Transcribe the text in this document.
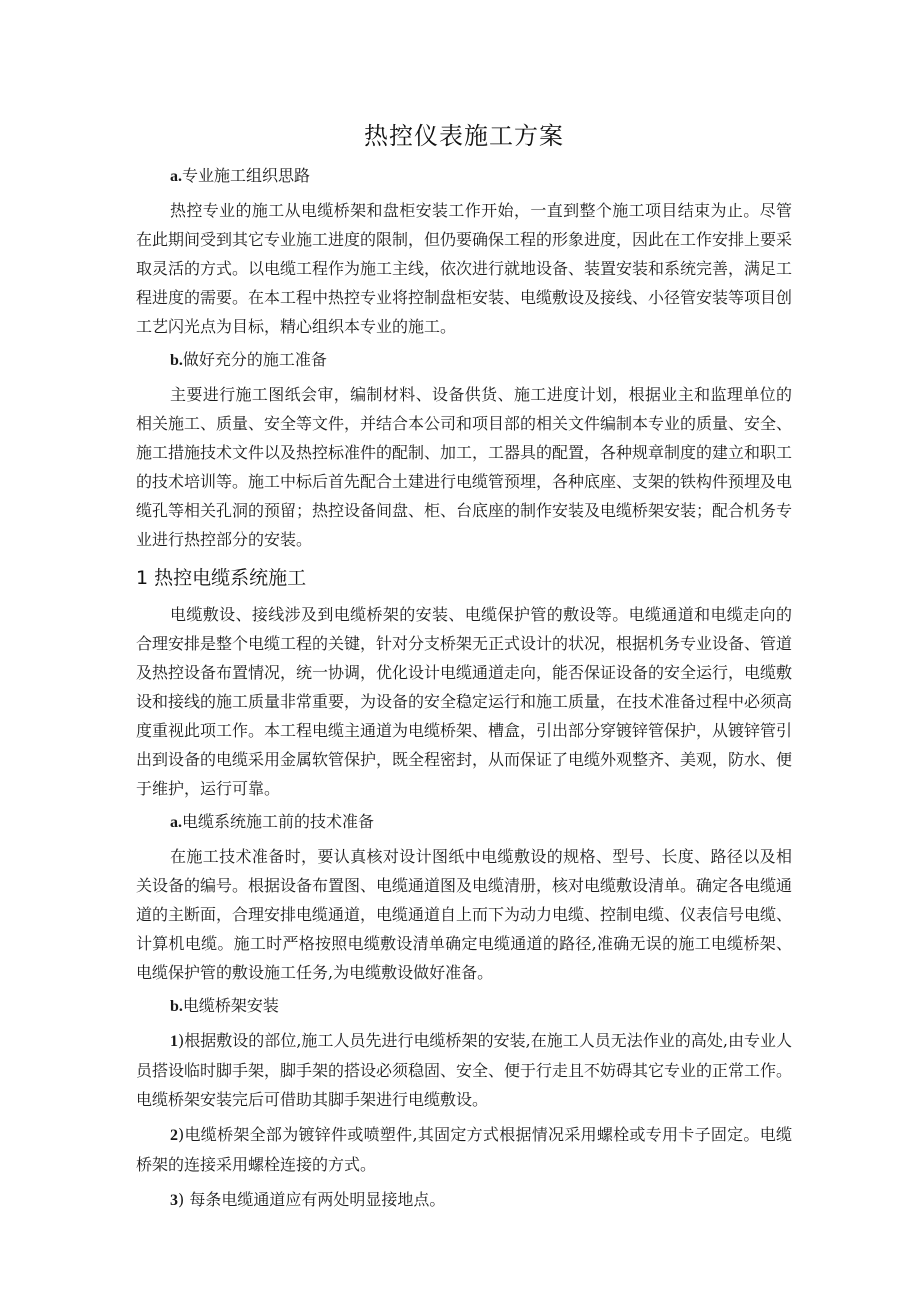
热控仪表施工方案
a.专业施工组织思路

热控专业的施工从电缆桥架和盘柜安装工作开始，一直到整个施工项目结束为止。尽管在此期间受到其它专业施工进度的限制，但仍要确保工程的形象进度，因此在工作安排上要采取灵活的方式。以电缆工程作为施工主线，依次进行就地设备、装置安装和系统完善，满足工程进度的需要。在本工程中热控专业将控制盘柜安装、电缆敷设及接线、小径管安装等项目创工艺闪光点为目标，精心组织本专业的施工。

b.做好充分的施工准备

主要进行施工图纸会审，编制材料、设备供货、施工进度计划，根据业主和监理单位的相关施工、质量、安全等文件，并结合本公司和项目部的相关文件编制本专业的质量、安全、施工措施技术文件以及热控标准件的配制、加工，工器具的配置，各种规章制度的建立和职工的技术培训等。施工中标后首先配合土建进行电缆管预埋，各种底座、支架的铁构件预埋及电缆孔等相关孔洞的预留；热控设备间盘、柜、台底座的制作安装及电缆桥架安装；配合机务专业进行热控部分的安装。

1 热控电缆系统施工

电缆敷设、接线涉及到电缆桥架的安装、电缆保护管的敷设等。电缆通道和电缆走向的合理安排是整个电缆工程的关键，针对分支桥架无正式设计的状况，根据机务专业设备、管道及热控设备布置情况，统一协调，优化设计电缆通道走向，能否保证设备的安全运行，电缆敷设和接线的施工质量非常重要，为设备的安全稳定运行和施工质量，在技术准备过程中必须高度重视此项工作。本工程电缆主通道为电缆桥架、槽盒，引出部分穿镀锌管保护，从镀锌管引出到设备的电缆采用金属软管保护，既全程密封，从而保证了电缆外观整齐、美观，防水、便于维护，运行可靠。

a.电缆系统施工前的技术准备

在施工技术准备时，要认真核对设计图纸中电缆敷设的规格、型号、长度、路径以及相关设备的编号。根据设备布置图、电缆通道图及电缆清册，核对电缆敷设清单。确定各电缆通道的主断面，合理安排电缆通道，电缆通道自上而下为动力电缆、控制电缆、仪表信号电缆、计算机电缆。施工时严格按照电缆敷设清单确定电缆通道的路径,准确无误的施工电缆桥架、电缆保护管的敷设施工任务,为电缆敷设做好准备。

b.电缆桥架安装

1)根据敷设的部位,施工人员先进行电缆桥架的安装,在施工人员无法作业的高处,由专业人员搭设临时脚手架，脚手架的搭设必须稳固、安全、便于行走且不妨碍其它专业的正常工作。电缆桥架安装完后可借助其脚手架进行电缆敷设。

2)电缆桥架全部为镀锌件或喷塑件,其固定方式根据情况采用螺栓或专用卡子固定。电缆桥架的连接采用螺栓连接的方式。

3) 每条电缆通道应有两处明显接地点。
